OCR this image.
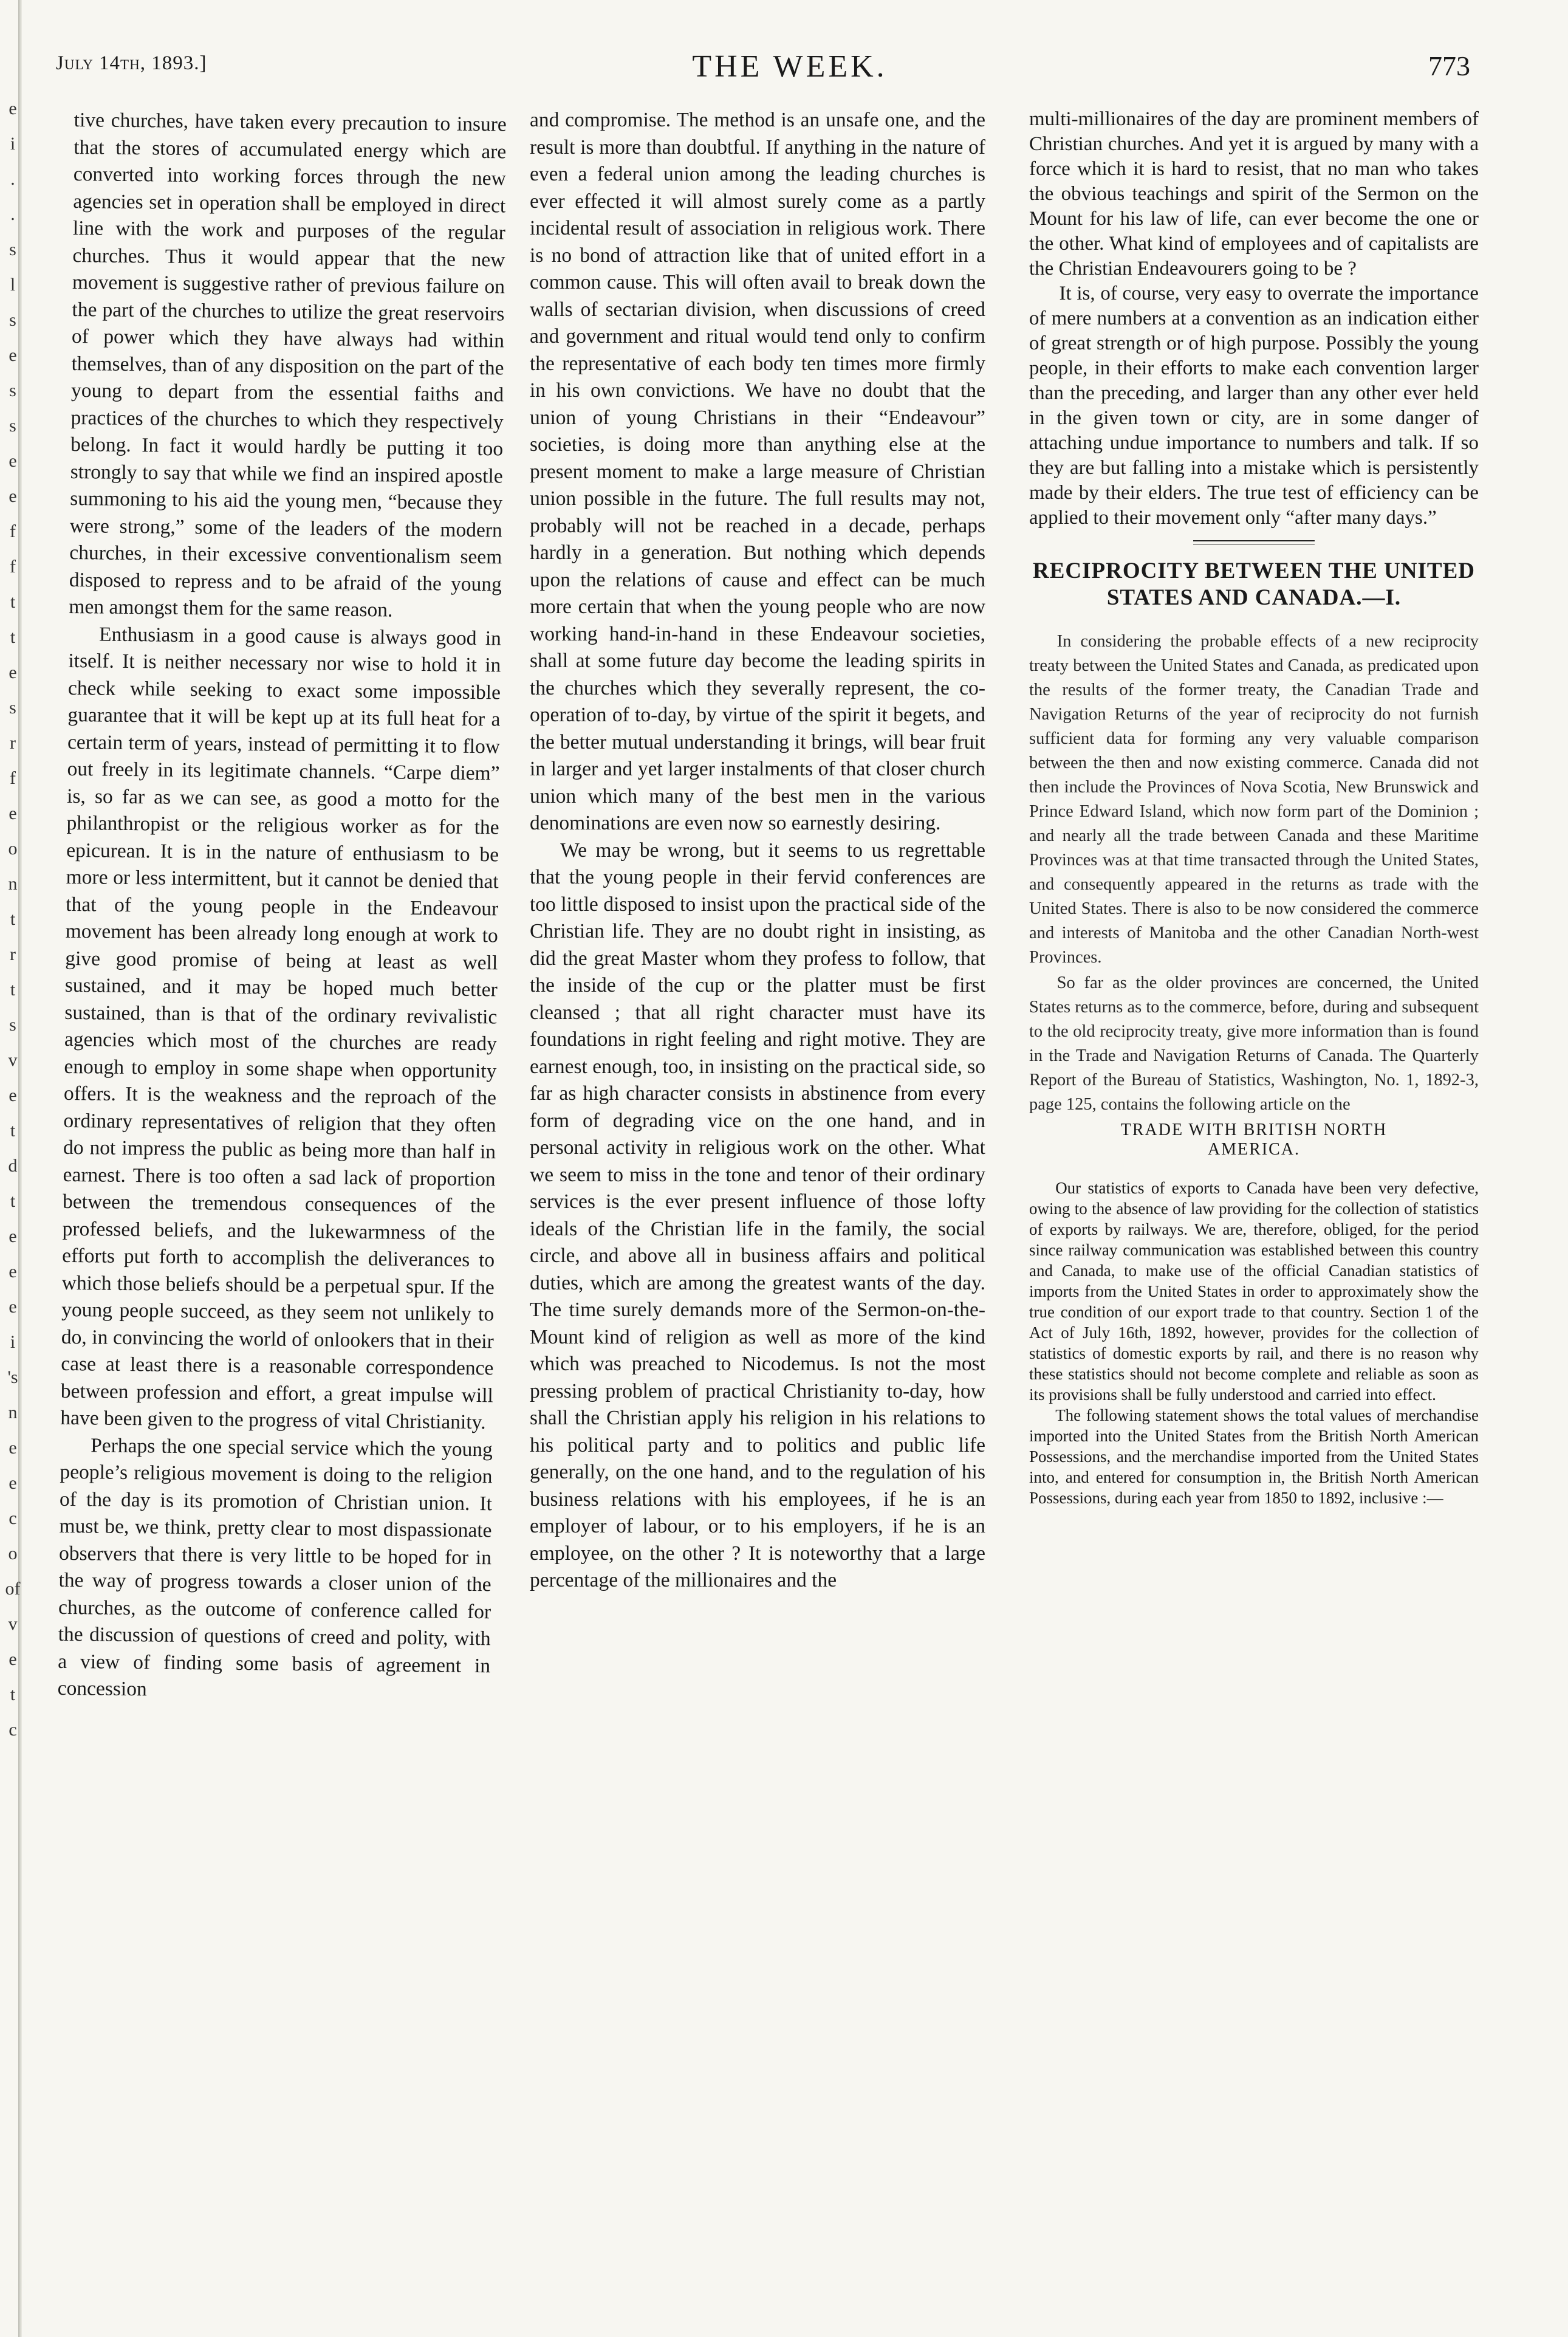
e
i
.
.
s
l
s
e
s
s
e
e
f
f
t
t
e
s
r
f
e
o
n
t
r
t
s
v
e
t
d
t
e
e
e
i
's
n
e
e
c
o
of
v
e
t
c
July 14th, 1893.]	THE WEEK.	773

tive churches, have taken every precaution to insure that the stores of accumulated energy which are converted into working forces through the new agencies set in operation shall be employed in direct line with the work and purposes of the regular churches. Thus it would appear that the new movement is suggestive rather of previous failure on the part of the churches to utilize the great reservoirs of power which they have always had within themselves, than of any disposition on the part of the young to depart from the essential faiths and practices of the churches to which they respectively belong. In fact it would hardly be putting it too strongly to say that while we find an inspired apostle summoning to his aid the young men, “because they were strong,” some of the leaders of the modern churches, in their excessive conventionalism seem disposed to repress and to be afraid of the young men amongst them for the same reason.

Enthusiasm in a good cause is always good in itself. It is neither necessary nor wise to hold it in check while seeking to exact some impossible guarantee that it will be kept up at its full heat for a certain term of years, instead of permitting it to flow out freely in its legitimate channels. “Carpe diem” is, so far as we can see, as good a motto for the philanthropist or the religious worker as for the epicurean. It is in the nature of enthusiasm to be more or less intermittent, but it cannot be denied that that of the young people in the Endeavour movement has been already long enough at work to give good promise of being at least as well sustained, and it may be hoped much better sustained, than is that of the ordinary revivalistic agencies which most of the churches are ready enough to employ in some shape when opportunity offers. It is the weakness and the reproach of the ordinary representatives of religion that they often do not impress the public as being more than half in earnest. There is too often a sad lack of proportion between the tremendous consequences of the professed beliefs, and the lukewarmness of the efforts put forth to accomplish the deliverances to which those beliefs should be a perpetual spur. If the young people succeed, as they seem not unlikely to do, in convincing the world of onlookers that in their case at least there is a reasonable correspondence between profession and effort, a great impulse will have been given to the progress of vital Christianity.

Perhaps the one special service which the young people’s religious movement is doing to the religion of the day is its promotion of Christian union. It must be, we think, pretty clear to most dispassionate observers that there is very little to be hoped for in the way of progress towards a closer union of the churches, as the outcome of conference called for the discussion of questions of creed and polity, with a view of finding some basis of agreement in concession

and compromise. The method is an unsafe one, and the result is more than doubtful. If anything in the nature of even a federal union among the leading churches is ever effected it will almost surely come as a partly incidental result of association in religious work. There is no bond of attraction like that of united effort in a common cause. This will often avail to break down the walls of sectarian division, when discussions of creed and government and ritual would tend only to confirm the representative of each body ten times more firmly in his own convictions. We have no doubt that the union of young Christians in their “Endeavour” societies, is doing more than anything else at the present moment to make a large measure of Christian union possible in the future. The full results may not, probably will not be reached in a decade, perhaps hardly in a generation. But nothing which depends upon the relations of cause and effect can be much more certain that when the young people who are now working hand-in-hand in these Endeavour societies, shall at some future day become the leading spirits in the churches which they severally represent, the co-operation of to-day, by virtue of the spirit it begets, and the better mutual understanding it brings, will bear fruit in larger and yet larger instalments of that closer church union which many of the best men in the various denominations are even now so earnestly desiring.

We may be wrong, but it seems to us regrettable that the young people in their fervid conferences are too little disposed to insist upon the practical side of the Christian life. They are no doubt right in insisting, as did the great Master whom they profess to follow, that the inside of the cup or the platter must be first cleansed ; that all right character must have its foundations in right feeling and right motive. They are earnest enough, too, in insisting on the practical side, so far as high character consists in abstinence from every form of degrading vice on the one hand, and in personal activity in religious work on the other. What we seem to miss in the tone and tenor of their ordinary services is the ever present influence of those lofty ideals of the Christian life in the family, the social circle, and above all in business affairs and political duties, which are among the greatest wants of the day. The time surely demands more of the Sermon-on-the-Mount kind of religion as well as more of the kind which was preached to Nicodemus. Is not the most pressing problem of practical Christianity to-day, how shall the Christian apply his religion in his relations to his political party and to politics and public life generally, on the one hand, and to the regulation of his business relations with his employees, if he is an employer of labour, or to his employers, if he is an employee, on the other ? It is noteworthy that a large percentage of the millionaires and the

multi-millionaires of the day are prominent members of Christian churches. And yet it is argued by many with a force which it is hard to resist, that no man who takes the obvious teachings and spirit of the Sermon on the Mount for his law of life, can ever become the one or the other. What kind of employees and of capitalists are the Christian Endeavourers going to be ?

It is, of course, very easy to overrate the importance of mere numbers at a convention as an indication either of great strength or of high purpose. Possibly the young people, in their efforts to make each convention larger than the preceding, and larger than any other ever held in the given town or city, are in some danger of attaching undue importance to numbers and talk. If so they are but falling into a mistake which is persistently made by their elders. The true test of efficiency can be applied to their movement only “after many days.”

RECIPROCITY BETWEEN THE UNITED
STATES AND CANADA.—I.

In considering the probable effects of a new reciprocity treaty between the United States and Canada, as predicated upon the results of the former treaty, the Canadian Trade and Navigation Returns of the year of reciprocity do not furnish sufficient data for forming any very valuable comparison between the then and now existing commerce. Canada did not then include the Provinces of Nova Scotia, New Brunswick and Prince Edward Island, which now form part of the Dominion ; and nearly all the trade between Canada and these Maritime Provinces was at that time transacted through the United States, and consequently appeared in the returns as trade with the United States. There is also to be now considered the commerce and interests of Manitoba and the other Canadian North-west Provinces.

So far as the older provinces are concerned, the United States returns as to the commerce, before, during and subsequent to the old reciprocity treaty, give more information than is found in the Trade and Navigation Returns of Canada. The Quarterly Report of the Bureau of Statistics, Washington, No. 1, 1892-3, page 125, contains the following article on the

TRADE WITH BRITISH NORTH
AMERICA.

Our statistics of exports to Canada have been very defective, owing to the absence of law providing for the collection of statistics of exports by railways. We are, therefore, obliged, for the period since railway communication was established between this country and Canada, to make use of the official Canadian statistics of imports from the United States in order to approximately show the true condition of our export trade to that country. Section 1 of the Act of July 16th, 1892, however, provides for the collection of statistics of domestic exports by rail, and there is no reason why these statistics should not become complete and reliable as soon as its provisions shall be fully understood and carried into effect.

The following statement shows the total values of merchandise imported into the United States from the British North American Possessions, and the merchandise imported from the United States into, and entered for consumption in, the British North American Possessions, during each year from 1850 to 1892, inclusive :—
